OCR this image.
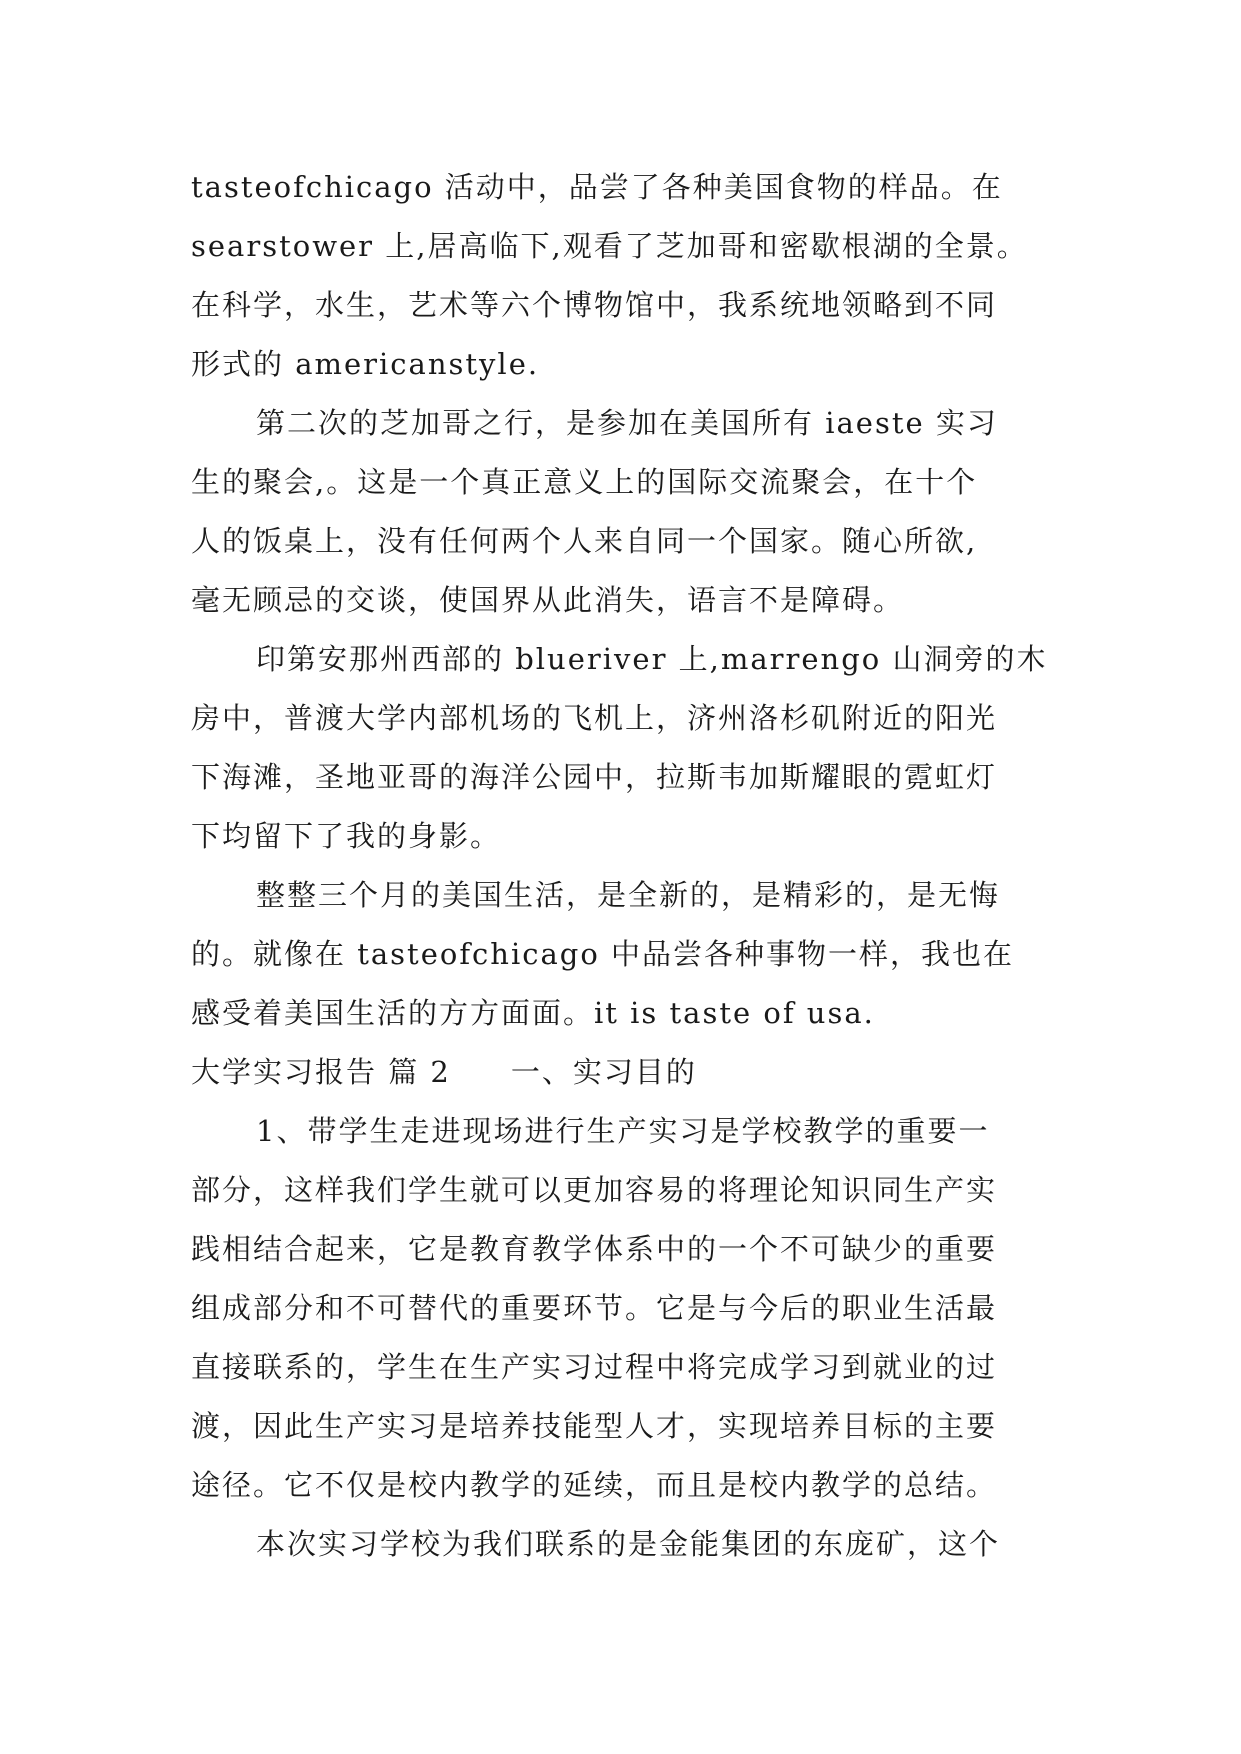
tasteofchicago 活动中，品尝了各种美国食物的样品。在
searstower 上,居高临下,观看了芝加哥和密歇根湖的全景。
在科学，水生，艺术等六个博物馆中，我系统地领略到不同
形式的 americanstyle.
第二次的芝加哥之行，是参加在美国所有 iaeste 实习
生的聚会,。这是一个真正意义上的国际交流聚会，在十个
人的饭桌上，没有任何两个人来自同一个国家。随心所欲,
毫无顾忌的交谈，使国界从此消失，语言不是障碍。
印第安那州西部的 blueriver 上,marrengo 山洞旁的木
房中，普渡大学内部机场的飞机上，济州洛杉矶附近的阳光
下海滩，圣地亚哥的海洋公园中，拉斯韦加斯耀眼的霓虹灯
下均留下了我的身影。
整整三个月的美国生活，是全新的，是精彩的，是无悔
的。就像在 tasteofchicago 中品尝各种事物一样，我也在
感受着美国生活的方方面面。it is taste of usa.
大学实习报告 篇 2 一、实习目的
1、带学生走进现场进行生产实习是学校教学的重要一
部分，这样我们学生就可以更加容易的将理论知识同生产实
践相结合起来，它是教育教学体系中的一个不可缺少的重要
组成部分和不可替代的重要环节。它是与今后的职业生活最
直接联系的，学生在生产实习过程中将完成学习到就业的过
渡，因此生产实习是培养技能型人才，实现培养目标的主要
途径。它不仅是校内教学的延续，而且是校内教学的总结。
本次实习学校为我们联系的是金能集团的东庞矿，这个
